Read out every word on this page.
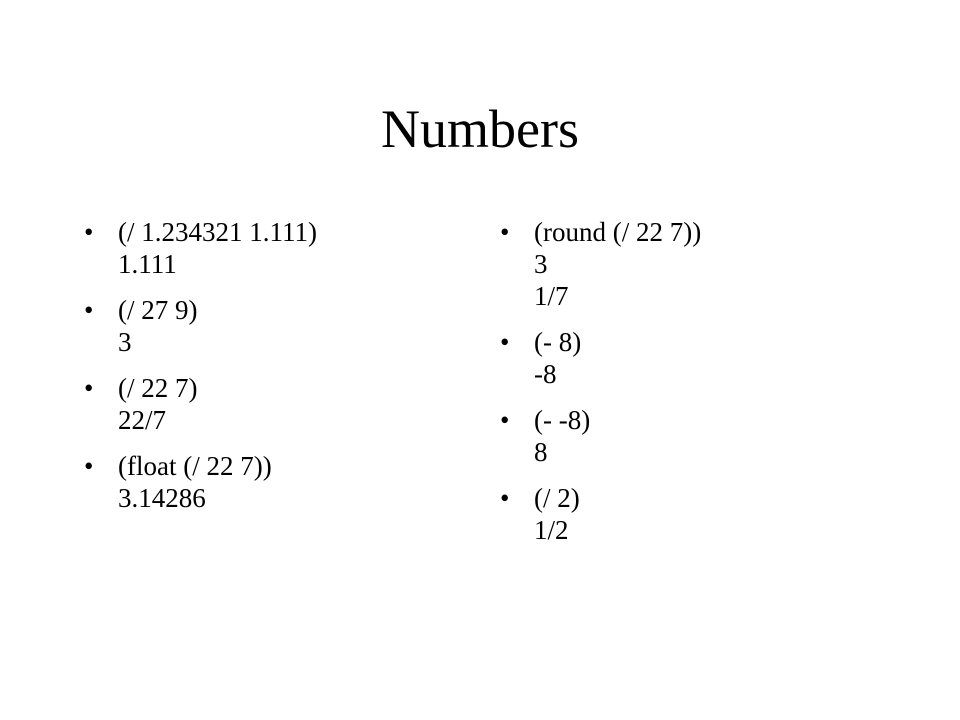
Numbers
• (/ 1.234321 1.111)
1.111
• (/ 27 9)
3
• (/ 22 7)
22/7
• (float (/ 22 7))
3.14286
• (round (/ 22 7))
3
1/7
• (- 8)
-8
• (- -8)
8
• (/ 2)
1/2
